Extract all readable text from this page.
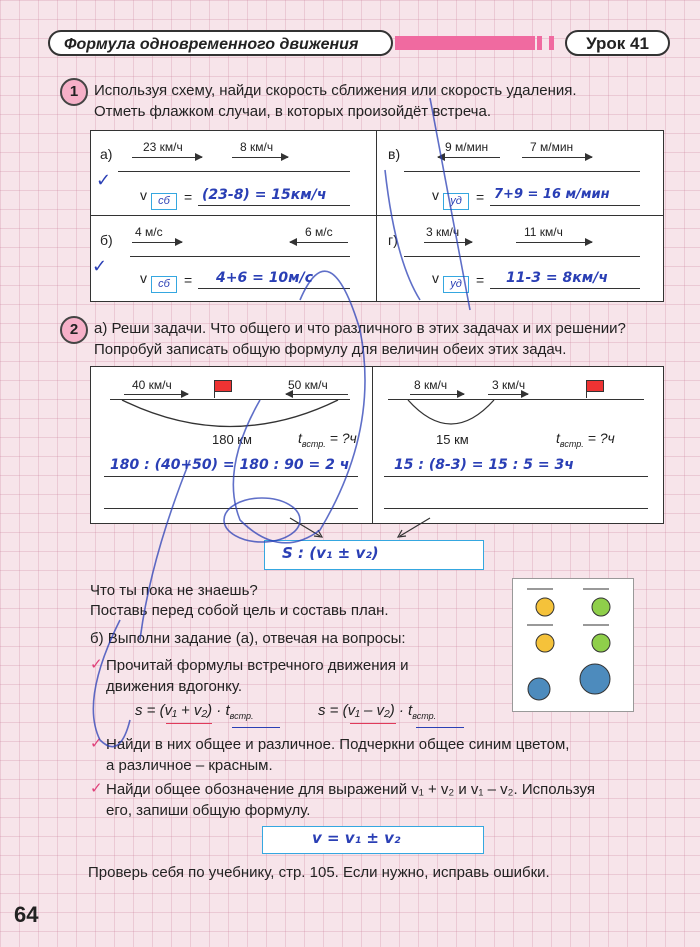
Формула одновременного движения	Урок 41
1	Используя схему, найди скорость сближения или скорость удаления.
Отметь флажком случаи, в которых произойдёт встреча.
а)	23 км/ч	8 км/ч
✓
v	сб	= (23-8) = 15км/ч
в)	9 м/мин	7 м/мин
v	уд	= 7+9 = 16 м/мин
б) 4 м/с	6 м/с
✓
v	сб	= 4+6 = 10м/с
г) 3 км/ч	11 км/ч
v	уд	= 11-3 = 8км/ч
2	а) Реши задачи. Что общего и что различного в этих задачах и их решении?
Попробуй записать общую формулу для величин обеих этих задач.
40 км/ч	50 км/ч
180 км	$t_{встр.}$ = ?ч
180 : (40+50) = 180 : 90 = 2 ч
8 км/ч	3 км/ч
15 км	$t_{встр.}$ = ?ч
15 : (8-3) = 15 : 5 = 3ч
S : (v₁ ± v₂)
Что ты пока не знаешь?
Поставь перед собой цель и составь план.
б) Выполни задание (а), отвечая на вопросы:
✓ Прочитай формулы встречного движения и
движения вдогонку.
$s = (v_1 + v_2) \cdot t_{встр.}$	$s = (v_1 - v_2) \cdot t_{встр.}$
✓ Найди в них общее и различное. Подчеркни общее синим цветом,
а различное – красным.
✓ Найди общее обозначение для выражений v₁ + v₂ и v₁ – v₂. Используя
его, запиши общую формулу.
v = v₁ ± v₂
Проверь себя по учебнику, стр. 105. Если нужно, исправь ошибки.
64
